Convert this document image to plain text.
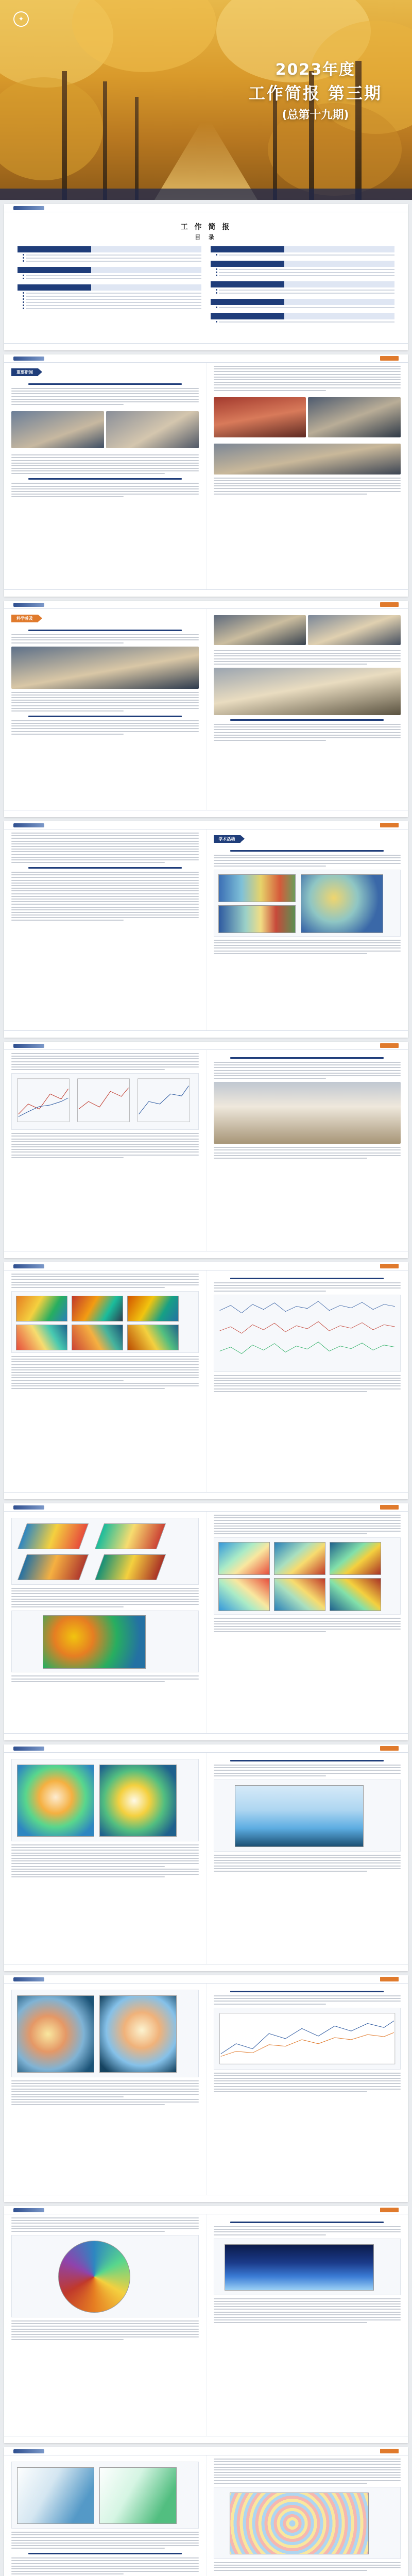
✦
2023年度
工作简报 第三期
(总第十九期)
工 作 简 报
目 录
重要新闻
科学普及
学术活动
